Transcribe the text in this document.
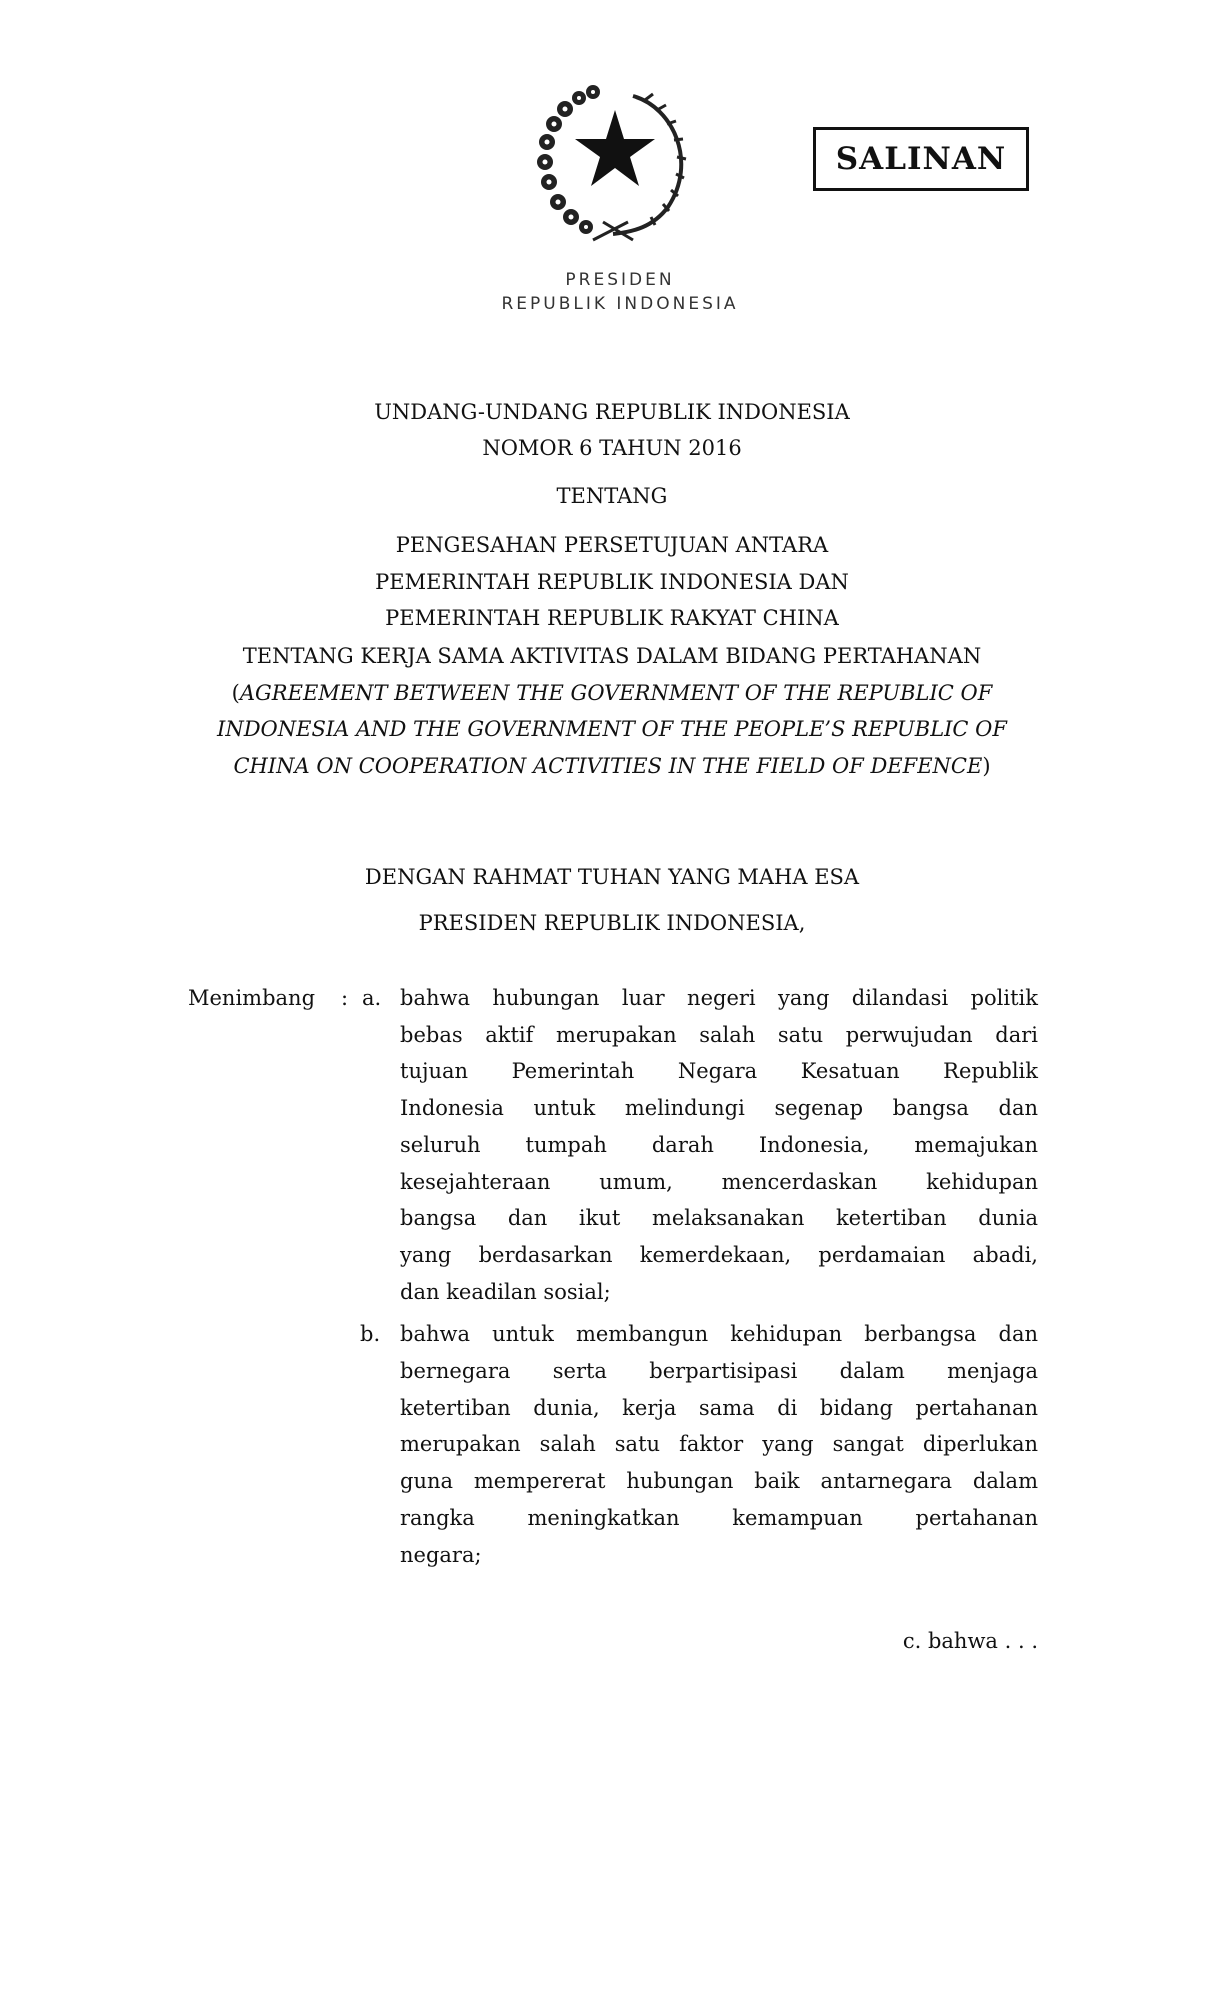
PRESIDEN
REPUBLIK INDONESIA
SALINAN
UNDANG-UNDANG REPUBLIK INDONESIA
NOMOR 6 TAHUN 2016
TENTANG
PENGESAHAN PERSETUJUAN ANTARA
PEMERINTAH REPUBLIK INDONESIA DAN
PEMERINTAH REPUBLIK RAKYAT CHINA
TENTANG KERJA SAMA AKTIVITAS DALAM BIDANG PERTAHANAN
(AGREEMENT BETWEEN THE GOVERNMENT OF THE REPUBLIC OF
INDONESIA AND THE GOVERNMENT OF THE PEOPLE’S REPUBLIC OF
CHINA ON COOPERATION ACTIVITIES IN THE FIELD OF DEFENCE)
DENGAN RAHMAT TUHAN YANG MAHA ESA
PRESIDEN REPUBLIK INDONESIA,
Menimbang : a.
b.
bahwa hubungan luar negeri yang dilandasi politik
bebas aktif merupakan salah satu perwujudan dari
tujuan Pemerintah Negara Kesatuan Republik
Indonesia untuk melindungi segenap bangsa dan
seluruh tumpah darah Indonesia, memajukan
kesejahteraan umum, mencerdaskan kehidupan
bangsa dan ikut melaksanakan ketertiban dunia
yang berdasarkan kemerdekaan, perdamaian abadi,
dan keadilan sosial;
bahwa untuk membangun kehidupan berbangsa dan
bernegara serta berpartisipasi dalam menjaga
ketertiban dunia, kerja sama di bidang pertahanan
merupakan salah satu faktor yang sangat diperlukan
guna mempererat hubungan baik antarnegara dalam
rangka meningkatkan kemampuan pertahanan
negara;
c. bahwa . . .
